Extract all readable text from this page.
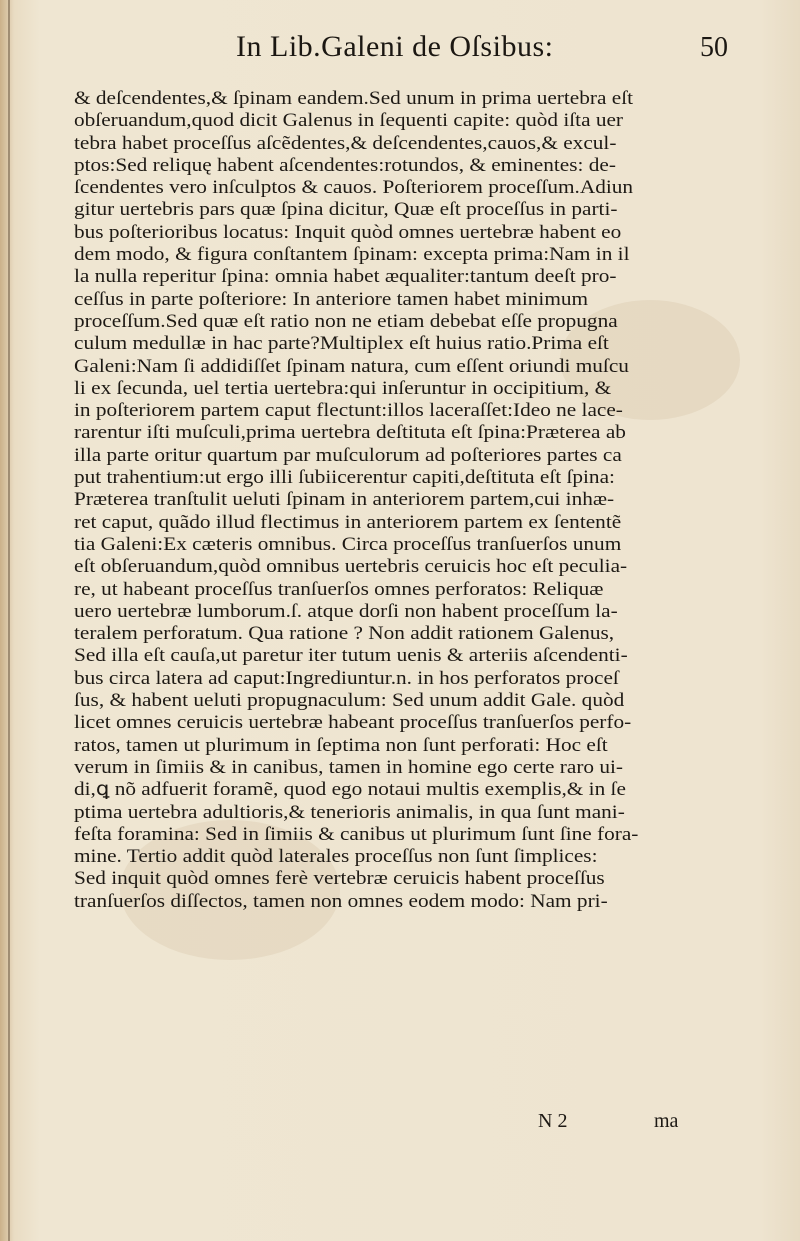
In Lib.Galeni de Oſsibus:	50
& deſcendentes,& ſpinam eandem.Sed unum in prima uertebra eſt
obſeruandum,quod dicit Galenus in ſequenti capite: quòd iſta uer
tebra habet proceſſus aſcẽdentes,& deſcendentes,cauos,& excul-
ptos:Sed reliquę habent aſcendentes:rotundos, & eminentes: de-
ſcendentes vero inſculptos & cauos. Poſteriorem proceſſum.Adiun
gitur uertebris pars quæ ſpina dicitur, Quæ eſt proceſſus in parti-
bus poſterioribus locatus: Inquit quòd omnes uertebræ habent eo
dem modo, & figura conſtantem ſpinam: excepta prima:Nam in il
la nulla reperitur ſpina: omnia habet æqualiter:tantum deeſt pro-
ceſſus in parte poſteriore: In anteriore tamen habet minimum
proceſſum.Sed quæ eſt ratio non ne etiam debebat eſſe propugna
culum medullæ in hac parte?Multiplex eſt huius ratio.Prima eſt
Galeni:Nam ſi addidiſſet ſpinam natura, cum eſſent oriundi muſcu
li ex ſecunda, uel tertia uertebra:qui inſeruntur in occipitium, &
in poſteriorem partem caput flectunt:illos laceraſſet:Ideo ne lace-
rarentur iſti muſculi,prima uertebra deſtituta eſt ſpina:Præterea ab
illa parte oritur quartum par muſculorum ad poſteriores partes ca
put trahentium:ut ergo illi ſubiicerentur capiti,deſtituta eſt ſpina:
Præterea tranſtulit ueluti ſpinam in anteriorem partem,cui inhæ-
ret caput, quãdo illud flectimus in anteriorem partem ex ſententẽ
tia Galeni:Ex cæteris omnibus. Circa proceſſus tranſuerſos unum
eſt obſeruandum,quòd omnibus uertebris ceruicis hoc eſt peculia-
re, ut habeant proceſſus tranſuerſos omnes perforatos: Reliquæ
uero uertebræ lumborum.ſ. atque dorſi non habent proceſſum la-
teralem perforatum. Qua ratione ? Non addit rationem Galenus,
Sed illa eſt cauſa,ut paretur iter tutum uenis & arteriis aſcendenti-
bus circa latera ad caput:Ingrediuntur.n. in hos perforatos proceſ
ſus, & habent ueluti propugnaculum: Sed unum addit Gale. quòd
licet omnes ceruicis uertebræ habeant proceſſus tranſuerſos perfo-
ratos, tamen ut plurimum in ſeptima non ſunt perforati: Hoc eſt
verum in ſimiis & in canibus, tamen in homine ego certe raro ui-
di,ꝗ nõ adfuerit foramẽ, quod ego notaui multis exemplis,& in ſe
ptima uertebra adultioris,& tenerioris animalis, in qua ſunt mani-
feſta foramina: Sed in ſimiis & canibus ut plurimum ſunt ſine fora-
mine. Tertio addit quòd laterales proceſſus non ſunt ſimplices:
Sed inquit quòd omnes ferè vertebræ ceruicis habent proceſſus
tranſuerſos diſſectos, tamen non omnes eodem modo: Nam pri-
N 2	ma
